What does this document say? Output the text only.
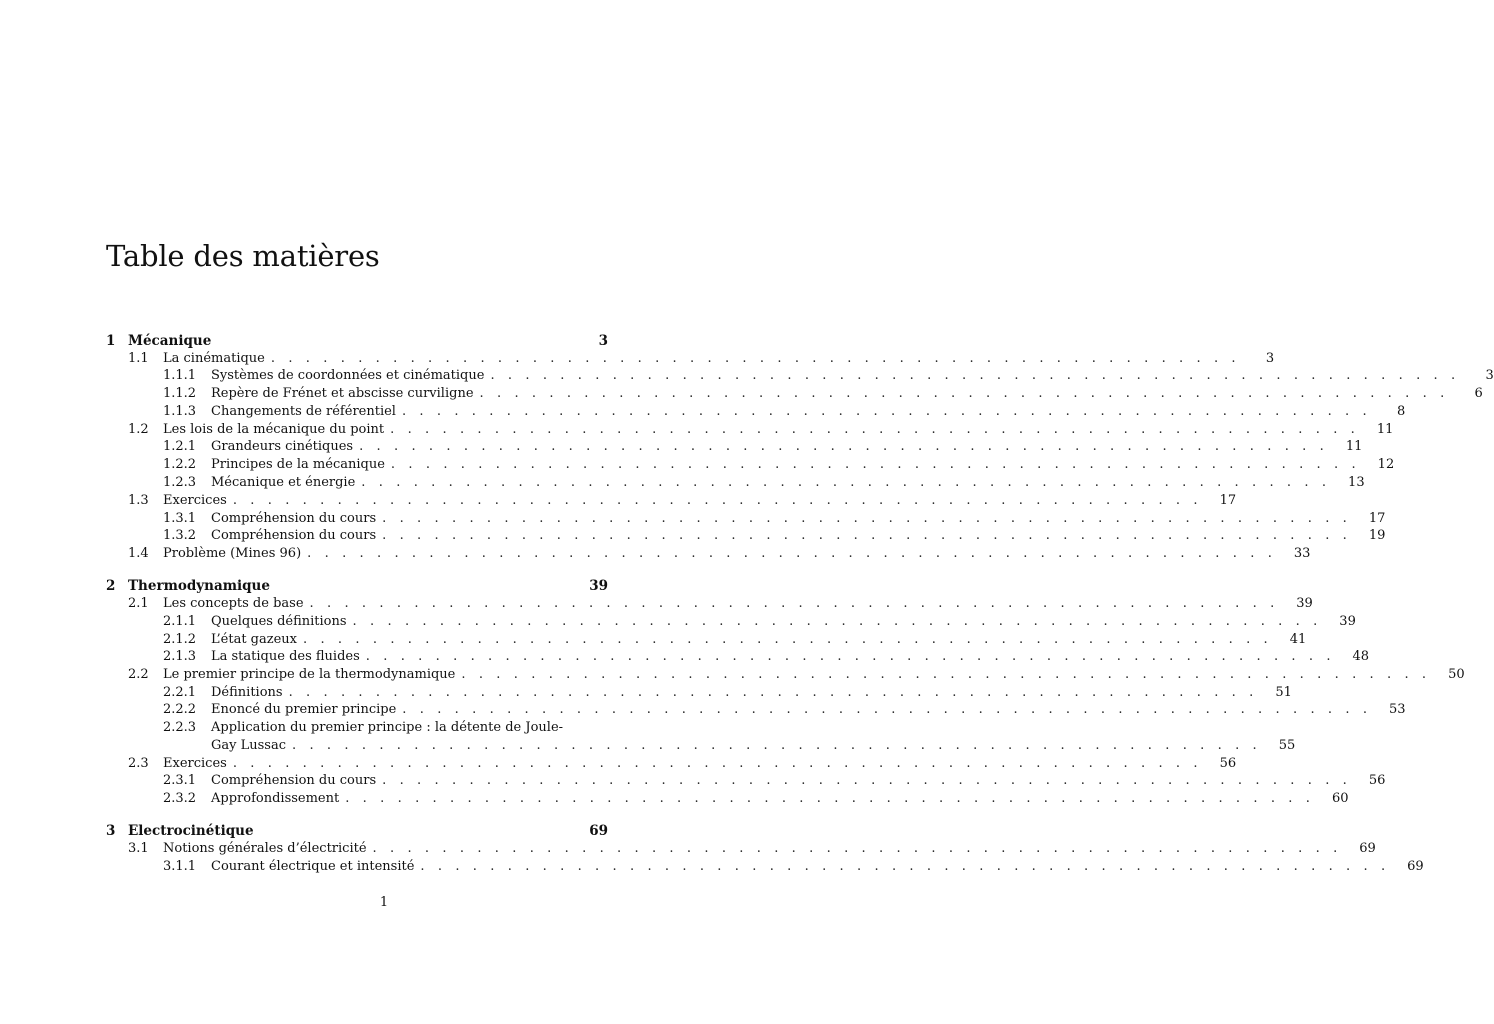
Table des matières
1 Mécanique	3
1.1	La cinématique . . . . . . . . . . . . . . . . . . . . . . . . . . . . . . . . . . . . . . . . . . . . . . . . . . . . . . . .	3
1.1.1	Systèmes de coordonnées et cinématique . . . . . . . . . . . . . . . . . . . . . . . . . . . . . . . . . . . . . . . . . . . . . . . . . . . . . . . .	3
1.1.2	Repère de Frénet et abscisse curviligne . . . . . . . . . . . . . . . . . . . . . . . . . . . . . . . . . . . . . . . . . . . . . . . . . . . . . . . .	6
1.1.3	Changements de référentiel . . . . . . . . . . . . . . . . . . . . . . . . . . . . . . . . . . . . . . . . . . . . . . . . . . . . . . . .	8
1.2	Les lois de la mécanique du point . . . . . . . . . . . . . . . . . . . . . . . . . . . . . . . . . . . . . . . . . . . . . . . . . . . . . . . .	11
1.2.1	Grandeurs cinétiques . . . . . . . . . . . . . . . . . . . . . . . . . . . . . . . . . . . . . . . . . . . . . . . . . . . . . . . .	11
1.2.2	Principes de la mécanique . . . . . . . . . . . . . . . . . . . . . . . . . . . . . . . . . . . . . . . . . . . . . . . . . . . . . . . .	12
1.2.3	Mécanique et énergie . . . . . . . . . . . . . . . . . . . . . . . . . . . . . . . . . . . . . . . . . . . . . . . . . . . . . . . .	13
1.3	Exercices . . . . . . . . . . . . . . . . . . . . . . . . . . . . . . . . . . . . . . . . . . . . . . . . . . . . . . . .	17
1.3.1	Compréhension du cours . . . . . . . . . . . . . . . . . . . . . . . . . . . . . . . . . . . . . . . . . . . . . . . . . . . . . . . .	17
1.3.2	Compréhension du cours . . . . . . . . . . . . . . . . . . . . . . . . . . . . . . . . . . . . . . . . . . . . . . . . . . . . . . . .	19
1.4	Problème (Mines 96) . . . . . . . . . . . . . . . . . . . . . . . . . . . . . . . . . . . . . . . . . . . . . . . . . . . . . . . .	33
2 Thermodynamique	39
2.1	Les concepts de base . . . . . . . . . . . . . . . . . . . . . . . . . . . . . . . . . . . . . . . . . . . . . . . . . . . . . . . .	39
2.1.1	Quelques définitions . . . . . . . . . . . . . . . . . . . . . . . . . . . . . . . . . . . . . . . . . . . . . . . . . . . . . . . .	39
2.1.2	L’état gazeux . . . . . . . . . . . . . . . . . . . . . . . . . . . . . . . . . . . . . . . . . . . . . . . . . . . . . . . .	41
2.1.3	La statique des fluides . . . . . . . . . . . . . . . . . . . . . . . . . . . . . . . . . . . . . . . . . . . . . . . . . . . . . . . .	48
2.2	Le premier principe de la thermodynamique . . . . . . . . . . . . . . . . . . . . . . . . . . . . . . . . . . . . . . . . . . . . . . . . . . . . . . . .	50
2.2.1	Définitions . . . . . . . . . . . . . . . . . . . . . . . . . . . . . . . . . . . . . . . . . . . . . . . . . . . . . . . .	51
2.2.2	Enoncé du premier principe . . . . . . . . . . . . . . . . . . . . . . . . . . . . . . . . . . . . . . . . . . . . . . . . . . . . . . . .	53
2.2.3 Application du premier principe : la détente de Joule-
Gay Lussac . . . . . . . . . . . . . . . . . . . . . . . . . . . . . . . . . . . . . . . . . . . . . . . . . . . . . . . .	55
2.3	Exercices . . . . . . . . . . . . . . . . . . . . . . . . . . . . . . . . . . . . . . . . . . . . . . . . . . . . . . . .	56
2.3.1	Compréhension du cours . . . . . . . . . . . . . . . . . . . . . . . . . . . . . . . . . . . . . . . . . . . . . . . . . . . . . . . .	56
2.3.2	Approfondissement . . . . . . . . . . . . . . . . . . . . . . . . . . . . . . . . . . . . . . . . . . . . . . . . . . . . . . . .	60
3 Electrocinétique	69
3.1	Notions générales d’électricité . . . . . . . . . . . . . . . . . . . . . . . . . . . . . . . . . . . . . . . . . . . . . . . . . . . . . . . .	69
3.1.1	Courant électrique et intensité . . . . . . . . . . . . . . . . . . . . . . . . . . . . . . . . . . . . . . . . . . . . . . . . . . . . . . . .	69
1
